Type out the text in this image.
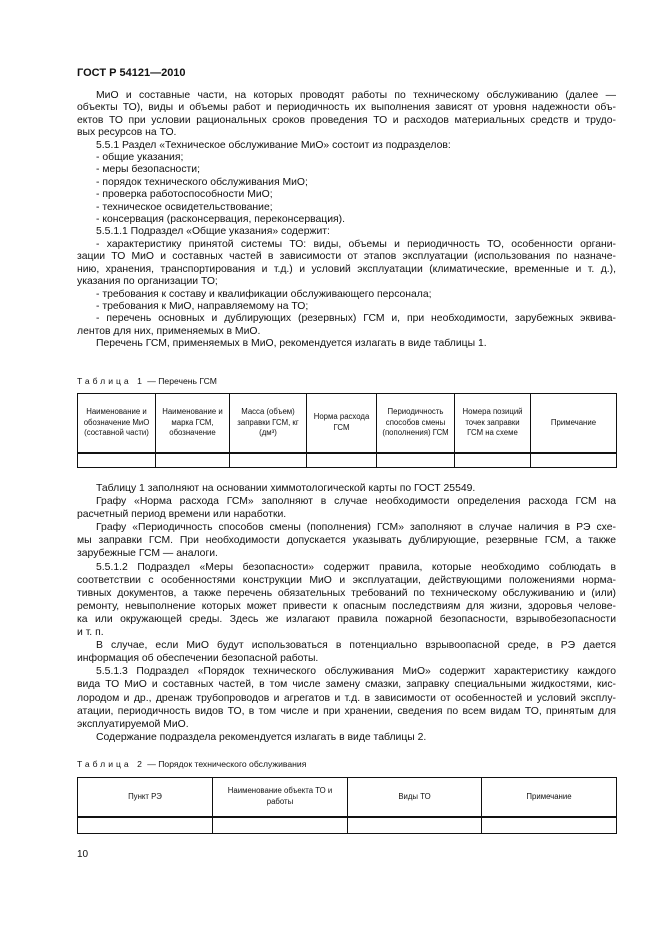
ГОСТ Р 54121—2010
МиО и составные части, на которых проводят работы по техническому обслуживанию (далее —
объекты ТО), виды и объемы работ и периодичность их выполнения зависят от уровня надежности объ-
ектов ТО при условии рациональных сроков проведения ТО и расходов материальных средств и трудо-
вых ресурсов на ТО.
5.5.1 Раздел «Техническое обслуживание МиО» состоит из подразделов:
- общие указания;
- меры безопасности;
- порядок технического обслуживания МиО;
- проверка работоспособности МиО;
- техническое освидетельствование;
- консервация (расконсервация, переконсервация).
5.5.1.1 Подраздел «Общие указания» содержит:
- характеристику принятой системы ТО: виды, объемы и периодичность ТО, особенности органи-
зации ТО МиО и составных частей в зависимости от этапов эксплуатации (использования по назначе-
нию, хранения, транспортирования и т.д.) и условий эксплуатации (климатические, временные и т. д.),
указания по организации ТО;
- требования к составу и квалификации обслуживающего персонала;
- требования к МиО, направляемому на ТО;
- перечень основных и дублирующих (резервных) ГСМ и, при необходимости, зарубежных эквива-
лентов для них, применяемых в МиО.
Перечень ГСМ, применяемых в МиО, рекомендуется излагать в виде таблицы 1.
Таблица 1 — Перечень ГСМ
Наименование и обозначение МиО (составной части)	Наименование и марка ГСМ, обозначение	Масса (объем) заправки ГСМ, кг (дм³)	Норма расхода ГСМ	Периодичность способов смены (пополнения) ГСМ	Номера позиций точек заправки ГСМ на схеме	Примечание

Таблицу 1 заполняют на основании химмотологической карты по ГОСТ 25549.
Графу «Норма расхода ГСМ» заполняют в случае необходимости определения расхода ГСМ на
расчетный период времени или наработки.
Графу «Периодичность способов смены (пополнения) ГСМ» заполняют в случае наличия в РЭ схе-
мы заправки ГСМ. При необходимости допускается указывать дублирующие, резервные ГСМ, а также
зарубежные ГСМ — аналоги.
5.5.1.2 Подраздел «Меры безопасности» содержит правила, которые необходимо соблюдать в
соответствии с особенностями конструкции МиО и эксплуатации, действующими положениями норма-
тивных документов, а также перечень обязательных требований по техническому обслуживанию и (или)
ремонту, невыполнение которых может привести к опасным последствиям для жизни, здоровья челове-
ка или окружающей среды. Здесь же излагают правила пожарной безопасности, взрывобезопасности
и т. п.
В случае, если МиО будут использоваться в потенциально взрывоопасной среде, в РЭ дается
информация об обеспечении безопасной работы.
5.5.1.3 Подраздел «Порядок технического обслуживания МиО» содержит характеристику каждого
вида ТО МиО и составных частей, в том числе замену смазки, заправку специальными жидкостями, кис-
лородом и др., дренаж трубопроводов и агрегатов и т.д. в зависимости от особенностей и условий эксплу-
атации, периодичность видов ТО, в том числе и при хранении, сведения по всем видам ТО, принятым для
эксплуатируемой МиО.
Содержание подраздела рекомендуется излагать в виде таблицы 2.
Таблица 2 — Порядок технического обслуживания
Пункт РЭ	Наименование объекта ТО и работы	Виды ТО	Примечание

10
